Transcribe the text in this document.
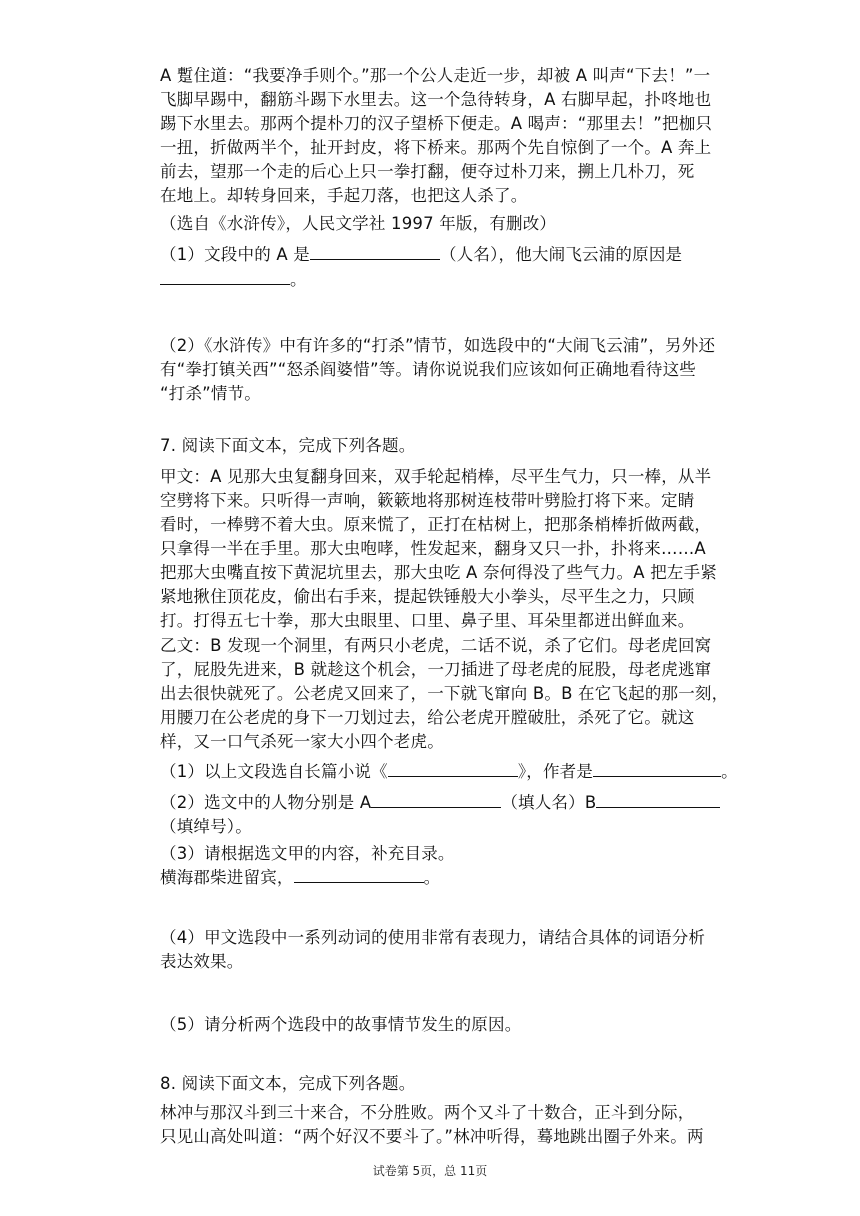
A 蹔住道：“我要净手则个。”那一个公人走近一步，却被 A 叫声“下去！”一
飞脚早踢中，翻筋斗踢下水里去。这一个急待转身，A 右脚早起，扑咚地也
踢下水里去。那两个提朴刀的汉子望桥下便走。A 喝声：“那里去！”把枷只
一扭，折做两半个，扯开封皮，将下桥来。那两个先自惊倒了一个。A 奔上
前去，望那一个走的后心上只一拳打翻，便夺过朴刀来，搠上几朴刀，死
在地上。却转身回来，手起刀落，也把这人杀了。
（选自《水浒传》，人民文学社 1997 年版，有删改）
（1）文段中的 A 是	（人名），他大闹飞云浦的原因是
。
（2）《水浒传》中有许多的“打杀”情节，如选段中的“大闹飞云浦”，另外还
有“拳打镇关西”“怒杀阎婆惜”等。请你说说我们应该如何正确地看待这些
“打杀”情节。
7. 阅读下面文本，完成下列各题。
甲文：A 见那大虫复翻身回来，双手轮起梢棒，尽平生气力，只一棒，从半
空劈将下来。只听得一声响，簌簌地将那树连枝带叶劈脸打将下来。定睛
看时，一棒劈不着大虫。原来慌了，正打在枯树上，把那条梢棒折做两截，
只拿得一半在手里。那大虫咆哮，性发起来，翻身又只一扑，扑将来……A
把那大虫嘴直按下黄泥坑里去，那大虫吃 A 奈何得没了些气力。A 把左手紧
紧地揪住顶花皮，偷出右手来，提起铁锤般大小拳头，尽平生之力，只顾
打。打得五七十拳，那大虫眼里、口里、鼻子里、耳朵里都迸出鲜血来。
乙文：B 发现一个洞里，有两只小老虎，二话不说，杀了它们。母老虎回窝
了，屁股先进来，B 就趁这个机会，一刀插进了母老虎的屁股，母老虎逃窜
出去很快就死了。公老虎又回来了，一下就飞窜向 B。B 在它飞起的那一刻，
用腰刀在公老虎的身下一刀划过去，给公老虎开膛破肚，杀死了它。就这
样，又一口气杀死一家大小四个老虎。
（1）以上文段选自长篇小说《	》，作者是	。
（2）选文中的人物分别是 A	（填人名）B
（填绰号）。
（3）请根据选文甲的内容，补充目录。
横海郡柴进留宾，	。
（4）甲文选段中一系列动词的使用非常有表现力，请结合具体的词语分析
表达效果。
（5）请分析两个选段中的故事情节发生的原因。
8. 阅读下面文本，完成下列各题。
林冲与那汉斗到三十来合，不分胜败。两个又斗了十数合，正斗到分际，
只见山高处叫道：“两个好汉不要斗了。”林冲听得，蓦地跳出圈子外来。两
试卷第 5页，总 11页
